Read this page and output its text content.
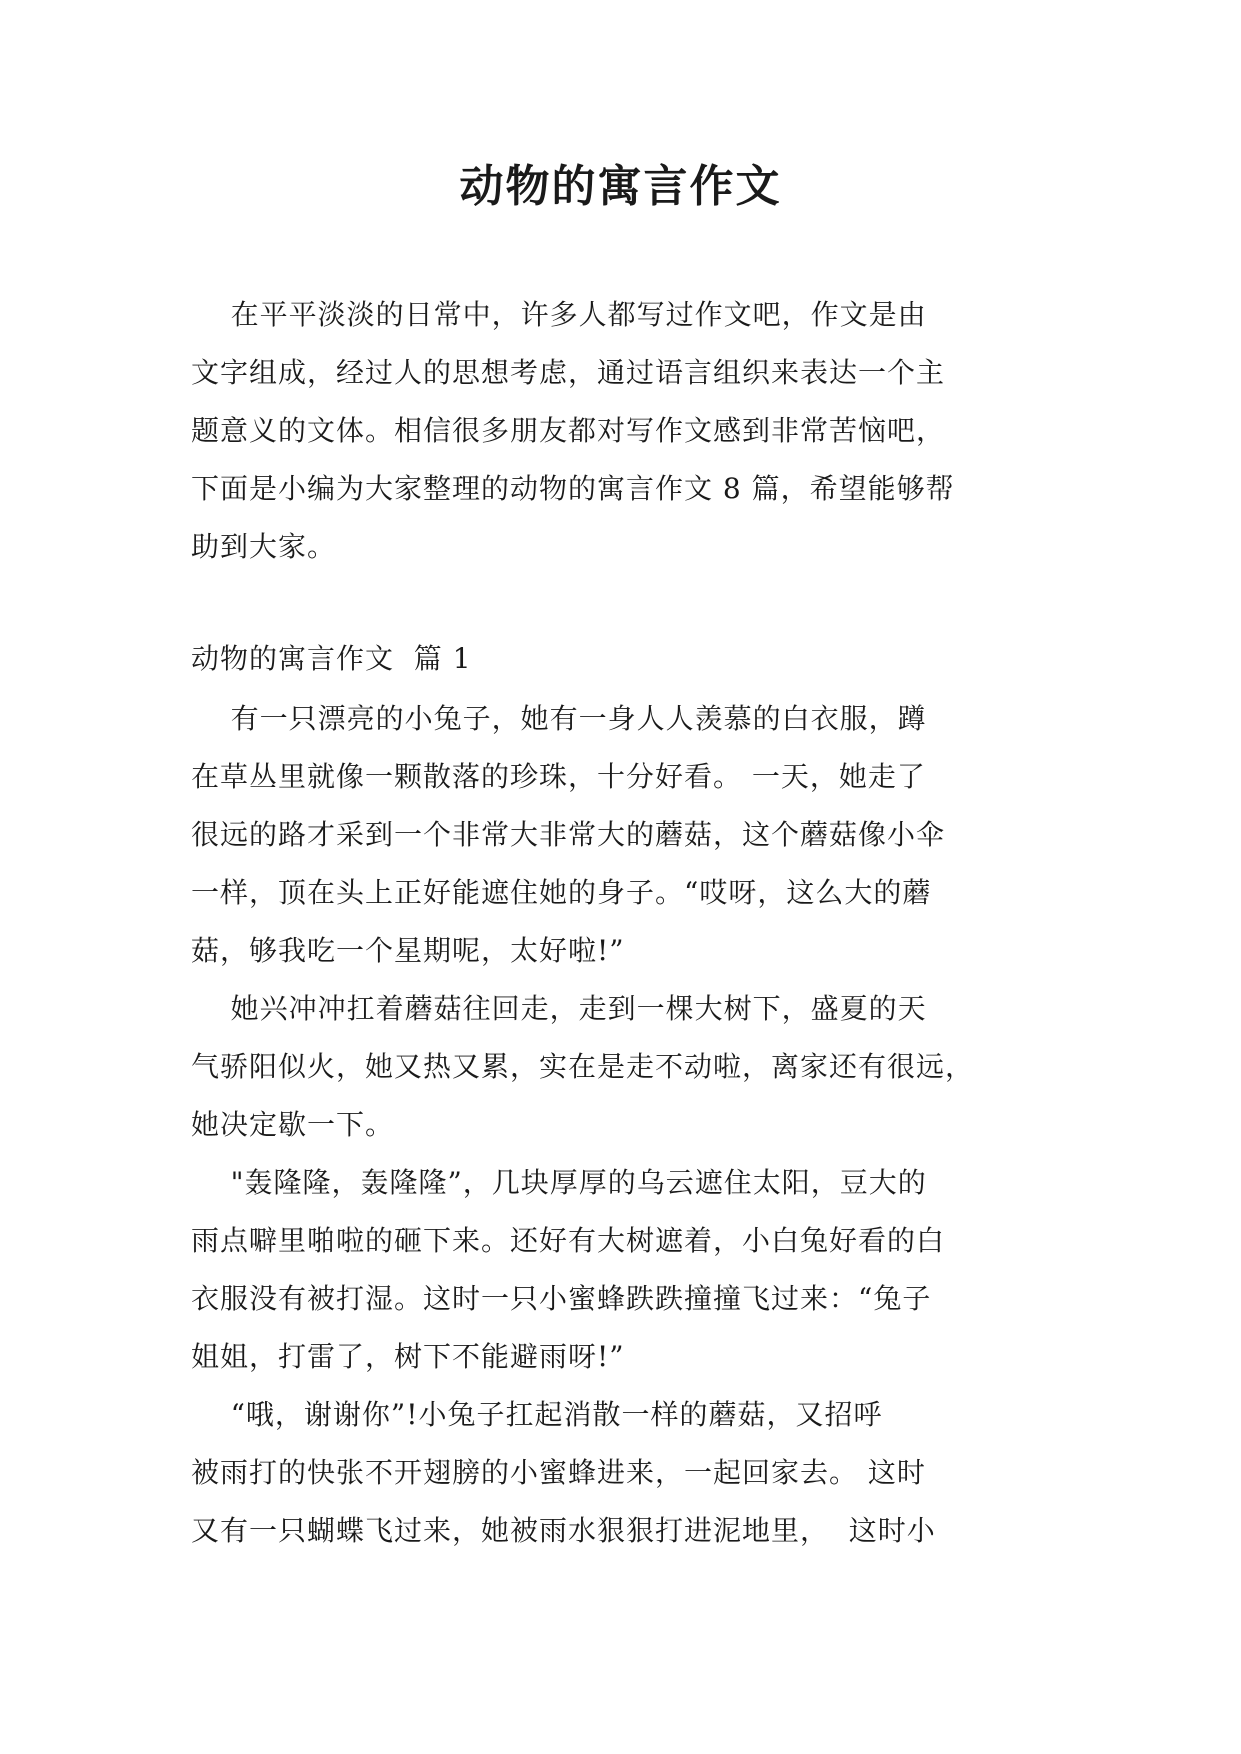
动物的寓言作文
在平平淡淡的日常中，许多人都写过作文吧，作文是由
文字组成，经过人的思想考虑，通过语言组织来表达一个主
题意义的文体。相信很多朋友都对写作文感到非常苦恼吧，
下面是小编为大家整理的动物的寓言作文 8 篇，希望能够帮
助到大家。
动物的寓言作文  篇 1
有一只漂亮的小兔子，她有一身人人羡慕的白衣服，蹲
在草丛里就像一颗散落的珍珠，十分好看。 一天，她走了
很远的路才采到一个非常大非常大的蘑菇，这个蘑菇像小伞
一样，顶在头上正好能遮住她的身子。“哎呀，这么大的蘑
菇，够我吃一个星期呢，太好啦!”
她兴冲冲扛着蘑菇往回走，走到一棵大树下，盛夏的天
气骄阳似火，她又热又累，实在是走不动啦，离家还有很远，
她决定歇一下。
"轰隆隆，轰隆隆”，几块厚厚的乌云遮住太阳，豆大的
雨点噼里啪啦的砸下来。还好有大树遮着，小白兔好看的白
衣服没有被打湿。这时一只小蜜蜂跌跌撞撞飞过来：“兔子
姐姐，打雷了，树下不能避雨呀!”
“哦，谢谢你”!小兔子扛起消散一样的蘑菇，又招呼
被雨打的快张不开翅膀的小蜜蜂进来，一起回家去。 这时
又有一只蝴蝶飞过来，她被雨水狠狠打进泥地里，  这时小
